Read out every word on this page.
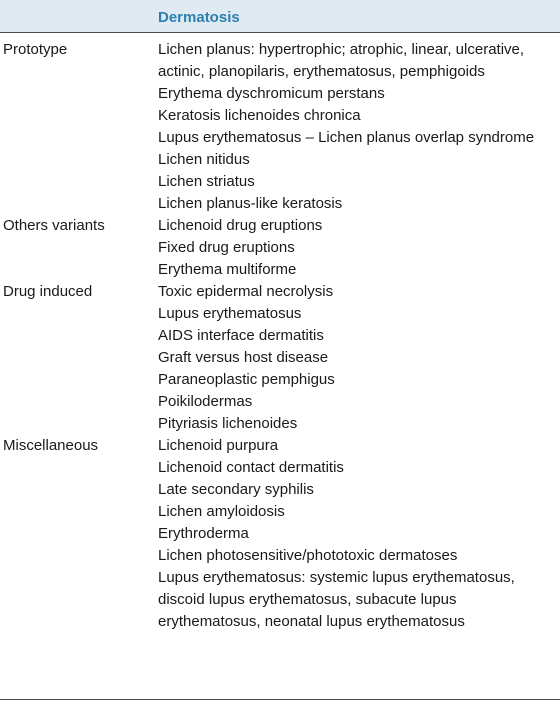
Dermatosis
Prototype
Others variants
Drug induced
Miscellaneous

Lichen planus: hypertrophic; atrophic, linear, ulcerative, actinic, planopilaris, erythematosus, pemphigoids

Erythema dyschromicum perstans

Keratosis lichenoides chronica

Lupus erythematosus – Lichen planus overlap syndrome

Lichen nitidus

Lichen striatus

Lichen planus-like keratosis

Lichenoid drug eruptions

Fixed drug eruptions

Erythema multiforme

Toxic epidermal necrolysis

Lupus erythematosus

AIDS interface dermatitis

Graft versus host disease

Paraneoplastic pemphigus

Poikilodermas

Pityriasis lichenoides

Lichenoid purpura

Lichenoid contact dermatitis

Late secondary syphilis

Lichen amyloidosis

Erythroderma

Lichen photosensitive/phototoxic dermatoses

Lupus erythematosus: systemic lupus erythematosus, discoid lupus erythematosus, subacute lupus erythematosus, neonatal lupus erythematosus
